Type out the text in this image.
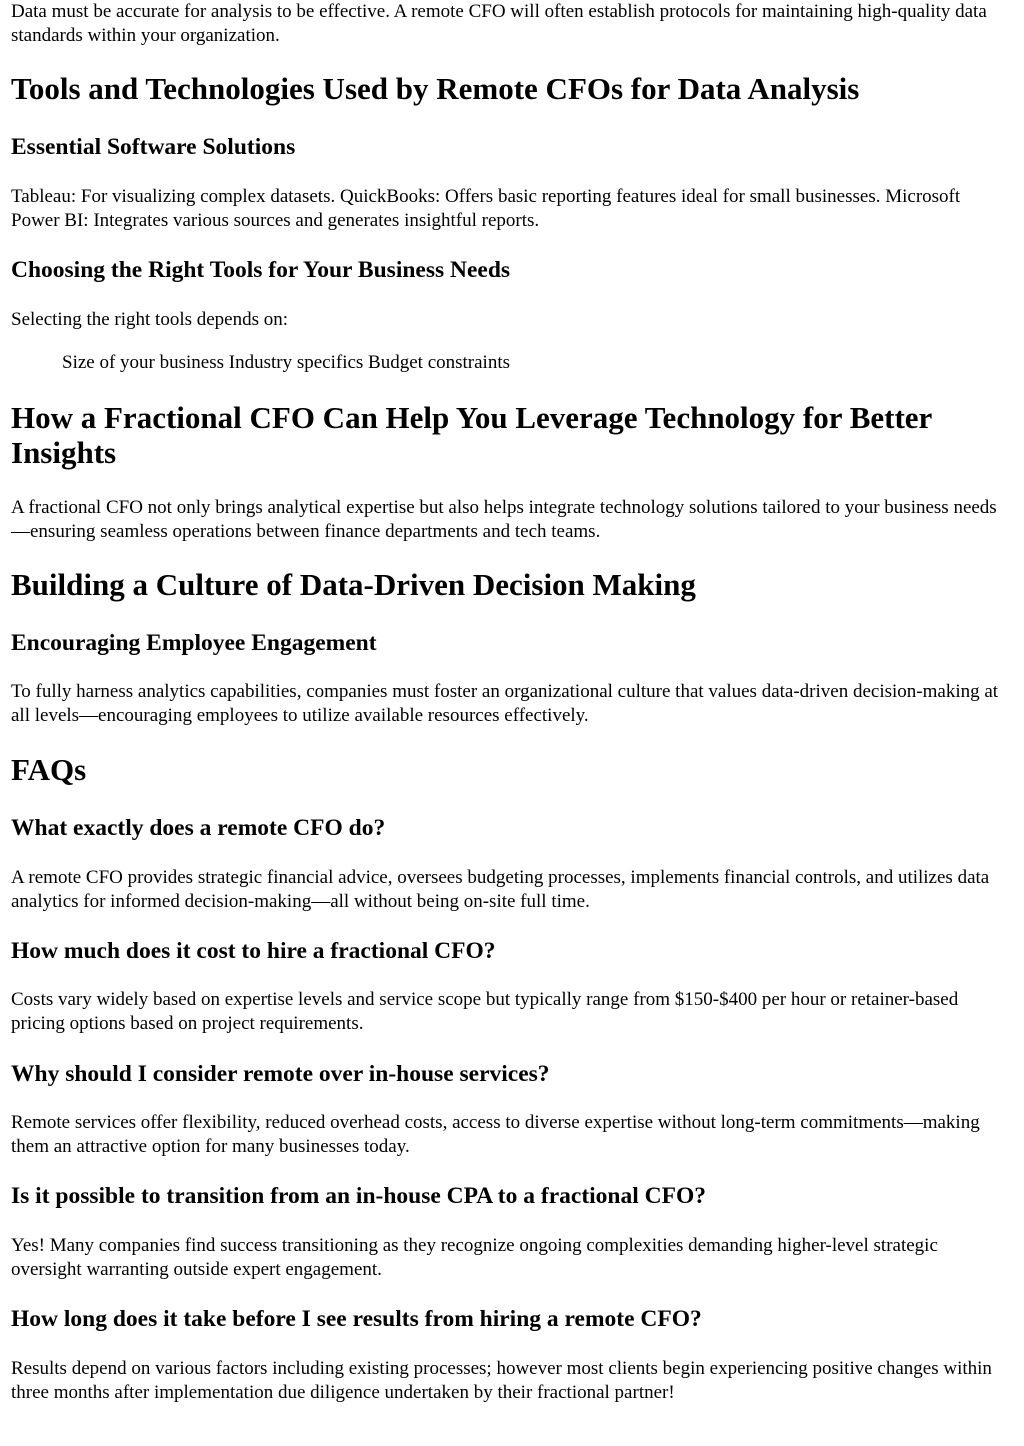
Data must be accurate for analysis to be effective. A remote CFO will often establish protocols for maintaining high-quality data standards within your organization.

Tools and Technologies Used by Remote CFOs for Data Analysis
Essential Software Solutions

Tableau: For visualizing complex datasets. QuickBooks: Offers basic reporting features ideal for small businesses. Microsoft Power BI: Integrates various sources and generates insightful reports.

Choosing the Right Tools for Your Business Needs

Selecting the right tools depends on:

Size of your business Industry specifics Budget constraints

How a Fractional CFO Can Help You Leverage Technology for Better Insights

A fractional CFO not only brings analytical expertise but also helps integrate technology solutions tailored to your business needs—ensuring seamless operations between finance departments and tech teams.

Building a Culture of Data-Driven Decision Making
Encouraging Employee Engagement

To fully harness analytics capabilities, companies must foster an organizational culture that values data-driven decision-making at all levels—encouraging employees to utilize available resources effectively.

FAQs
What exactly does a remote CFO do?

A remote CFO provides strategic financial advice, oversees budgeting processes, implements financial controls, and utilizes data analytics for informed decision-making—all without being on-site full time.

How much does it cost to hire a fractional CFO?

Costs vary widely based on expertise levels and service scope but typically range from $150-$400 per hour or retainer-based pricing options based on project requirements.

Why should I consider remote over in-house services?

Remote services offer flexibility, reduced overhead costs, access to diverse expertise without long-term commitments—making them an attractive option for many businesses today.

Is it possible to transition from an in-house CPA to a fractional CFO?

Yes! Many companies find success transitioning as they recognize ongoing complexities demanding higher-level strategic oversight warranting outside expert engagement.

How long does it take before I see results from hiring a remote CFO?

Results depend on various factors including existing processes; however most clients begin experiencing positive changes within three months after implementation due diligence undertaken by their fractional partner!
